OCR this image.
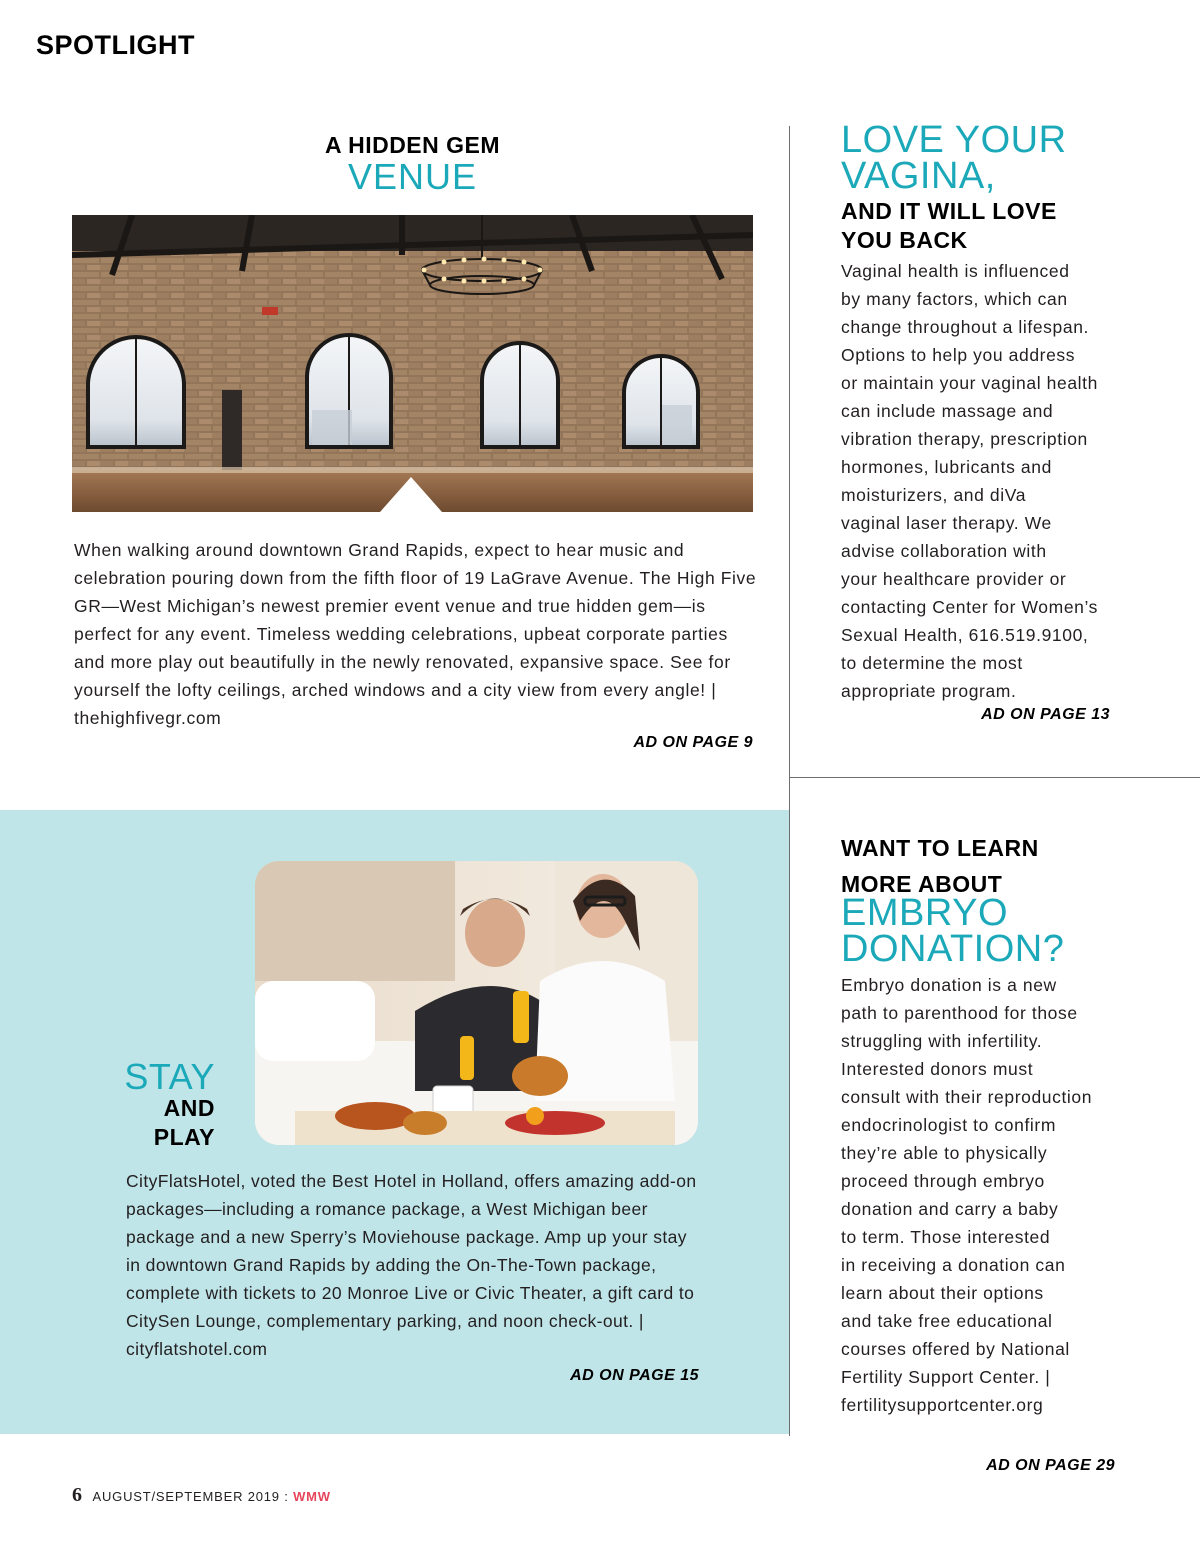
SPOTLIGHT
A HIDDEN GEM
VENUE
When walking around downtown Grand Rapids, expect to hear music and celebration pouring down from the fifth floor of 19 LaGrave Avenue. The High Five GR—West Michigan’s newest premier event venue and true hidden gem—is perfect for any event. Timeless wedding celebrations, upbeat corporate parties and more play out beautifully in the newly renovated, expansive space. See for yourself the lofty ceilings, arched windows and a city view from every angle! | thehighfivegr.com
AD ON PAGE 9
LOVE YOUR
VAGINA,
AND IT WILL LOVE
YOU BACK
Vaginal health is influenced
by many factors, which can
change throughout a lifespan.
Options to help you address
or maintain your vaginal health
can include massage and
vibration therapy, prescription
hormones, lubricants and
moisturizers, and diVa
vaginal laser therapy. We
advise collaboration with
your healthcare provider or
contacting Center for Women’s
Sexual Health, 616.519.9100,
to determine the most
appropriate program.
AD ON PAGE 13
WANT TO LEARN
MORE ABOUT
EMBRYO
DONATION?
Embryo donation is a new
path to parenthood for those
struggling with infertility.
Interested donors must
consult with their reproduction
endocrinologist to confirm
they’re able to physically
proceed through embryo
donation and carry a baby
to term. Those interested
in receiving a donation can
learn about their options
and take free educational
courses offered by National
Fertility Support Center. |
fertilitysupportcenter.org
AD ON PAGE 29
STAY
AND
PLAY
CityFlatsHotel, voted the Best Hotel in Holland, offers amazing add-on packages—including a romance package, a West Michigan beer package and a new Sperry’s Moviehouse package. Amp up your stay in downtown Grand Rapids by adding the On-The-Town package, complete with tickets to 20 Monroe Live or Civic Theater, a gift card to CitySen Lounge, complementary parking, and noon check-out. | cityflatshotel.com
AD ON PAGE 15
6 AUGUST/SEPTEMBER 2019 : WMW
